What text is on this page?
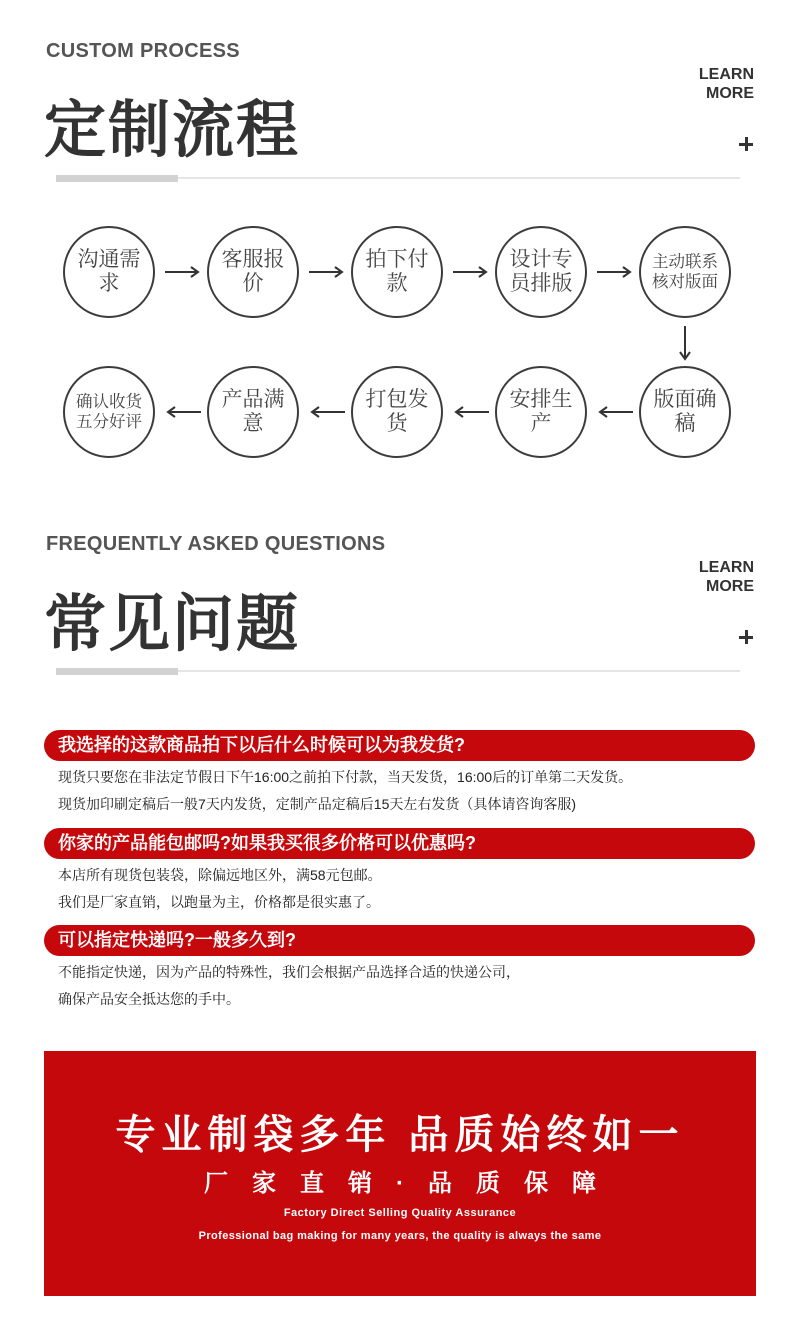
CUSTOM PROCESS
定制流程
LEARN
MORE
沟通需求
客服报价
拍下付款
设计专员排版
主动联系核对版面
版面确稿
安排生产
打包发货
产品满意
确认收货五分好评
FREQUENTLY ASKED QUESTIONS
常见问题
LEARN
MORE
我选择的这款商品拍下以后什么时候可以为我发货?
现货只要您在非法定节假日下午16:00之前拍下付款，当天发货，16:00后的订单第二天发货。
现货加印刷定稿后一般7天内发货，定制产品定稿后15天左右发货（具体请咨询客服)
你家的产品能包邮吗?如果我买很多价格可以优惠吗?
本店所有现货包装袋，除偏远地区外，满58元包邮。
我们是厂家直销，以跑量为主，价格都是很实惠了。
可以指定快递吗?一般多久到?
不能指定快递，因为产品的特殊性，我们会根据产品选择合适的快递公司，
确保产品安全抵达您的手中。
专业制袋多年 品质始终如一
厂家直销·品质保障
Factory Direct Selling Quality Assurance
Professional bag making for many years, the quality is always the same
